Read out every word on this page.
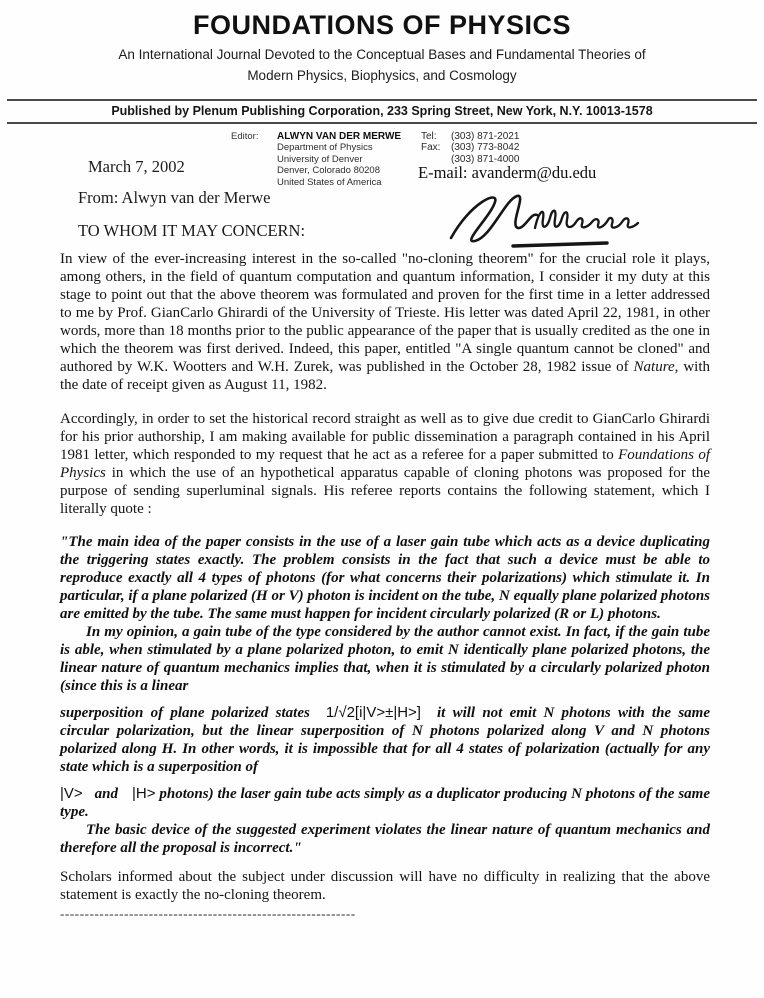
FOUNDATIONS OF PHYSICS
An International Journal Devoted to the Conceptual Bases and Fundamental Theories of
Modern Physics, Biophysics, and Cosmology
Published by Plenum Publishing Corporation, 233 Spring Street, New York, N.Y. 10013-1578
March 7, 2002
Editor: ALWYN VAN DER MERWE
Department of Physics
University of Denver
Denver, Colorado 80208
United States of America
Tel: (303) 871-2021
Fax: (303) 773-8042
(303) 871-4000
E-mail: avanderm@du.edu
From: Alwyn van der Merwe
TO WHOM IT MAY CONCERN:

In view of the ever-increasing interest in the so-called "no-cloning theorem" for the crucial role it plays, among others, in the field of quantum computation and quantum information, I consider it my duty at this stage to point out that the above theorem was formulated and proven for the first time in a letter addressed to me by Prof. GianCarlo Ghirardi of the University of Trieste. His letter was dated April 22, 1981, in other words, more than 18 months prior to the public appearance of the paper that is usually credited as the one in which the theorem was first derived. Indeed, this paper, entitled "A single quantum cannot be cloned" and authored by W.K. Wootters and W.H. Zurek, was published in the October 28, 1982 issue of Nature, with the date of receipt given as August 11, 1982.

Accordingly, in order to set the historical record straight as well as to give due credit to GianCarlo Ghirardi for his prior authorship, I am making available for public dissemination a paragraph contained in his April 1981 letter, which responded to my request that he act as a referee for a paper submitted to Foundations of Physics in which the use of an hypothetical apparatus capable of cloning photons was proposed for the purpose of sending superluminal signals. His referee reports contains the following statement, which I literally quote :

"The main idea of the paper consists in the use of a laser gain tube which acts as a device duplicating the triggering states exactly. The problem consists in the fact that such a device must be able to reproduce exactly all 4 types of photons (for what concerns their polarizations) which stimulate it. In particular, if a plane polarized (H or V) photon is incident on the tube, N equally plane polarized photons are emitted by the tube. The same must happen for incident circularly polarized (R or L) photons.

In my opinion, a gain tube of the type considered by the author cannot exist. In fact, if the gain tube is able, when stimulated by a plane polarized photon, to emit N identically plane polarized photons, the linear nature of quantum mechanics implies that, when it is stimulated by a circularly polarized photon (since this is a linear

superposition of plane polarized states 1/√2[i|V>±|H>] it will not emit N photons with the same circular polarization, but the linear superposition of N photons polarized along V and N photons polarized along H. In other words, it is impossible that for all 4 states of polarization (actually for any state which is a superposition of

|V> and |H> photons) the laser gain tube acts simply as a duplicator producing N photons of the same type.

The basic device of the suggested experiment violates the linear nature of quantum mechanics and therefore all the proposal is incorrect."

Scholars informed about the subject under discussion will have no difficulty in realizing that the above statement is exactly the no-cloning theorem.

------------------------------------------------------------
